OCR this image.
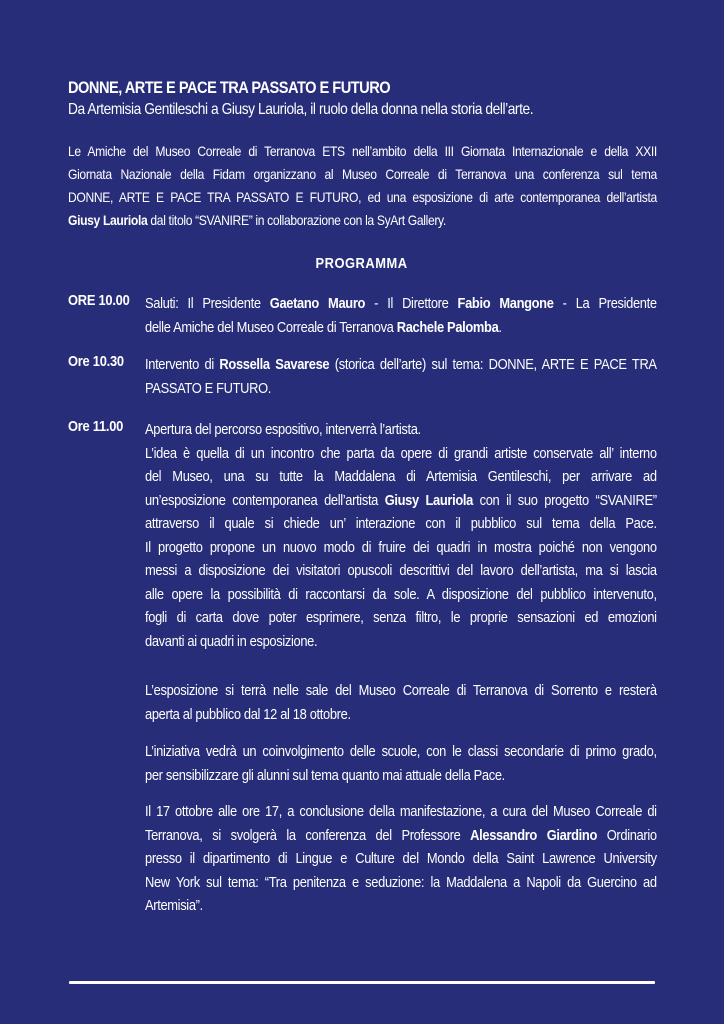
DONNE, ARTE E PACE TRA PASSATO E FUTURO
Da Artemisia Gentileschi a Giusy Lauriola, il ruolo della donna nella storia dell’arte.
Le Amiche del Museo Correale di Terranova ETS nell’ambito della III Giornata Internazionale e della XXII
Giornata Nazionale della Fidam organizzano al Museo Correale di Terranova una conferenza sul tema
DONNE, ARTE E PACE TRA PASSATO E FUTURO, ed una esposizione di arte contemporanea dell’artista
Giusy Lauriola dal titolo “SVANIRE” in collaborazione con la SyArt Gallery.
PROGRAMMA
ORE 10.00 Saluti: Il Presidente Gaetano Mauro - Il Direttore Fabio Mangone - La Presidente
delle Amiche del Museo Correale di Terranova Rachele Palomba.
Ore 10.30 Intervento di Rossella Savarese (storica dell’arte) sul tema: DONNE, ARTE E PACE TRA
PASSATO E FUTURO.
Ore 11.00 Apertura del percorso espositivo, interverrà l’artista.
L’idea è quella di un incontro che parta da opere di grandi artiste conservate all’ interno
del Museo, una su tutte la Maddalena di Artemisia Gentileschi, per arrivare ad
un’esposizione contemporanea dell’artista Giusy Lauriola con il suo progetto “SVANIRE”
attraverso il quale si chiede un’ interazione con il pubblico sul tema della Pace.
Il progetto propone un nuovo modo di fruire dei quadri in mostra poiché non vengono
messi a disposizione dei visitatori opuscoli descrittivi del lavoro dell’artista, ma si lascia
alle opere la possibilità di raccontarsi da sole. A disposizione del pubblico intervenuto,
fogli di carta dove poter esprimere, senza filtro, le proprie sensazioni ed emozioni
davanti ai quadri in esposizione.
L’esposizione si terrà nelle sale del Museo Correale di Terranova di Sorrento e resterà
aperta al pubblico dal 12 al 18 ottobre.
L’iniziativa vedrà un coinvolgimento delle scuole, con le classi secondarie di primo grado,
per sensibilizzare gli alunni sul tema quanto mai attuale della Pace.
Il 17 ottobre alle ore 17, a conclusione della manifestazione, a cura del Museo Correale di
Terranova, si svolgerà la conferenza del Professore Alessandro Giardino Ordinario
presso il dipartimento di Lingue e Culture del Mondo della Saint Lawrence University
New York sul tema: “Tra penitenza e seduzione: la Maddalena a Napoli da Guercino ad
Artemisia”.
